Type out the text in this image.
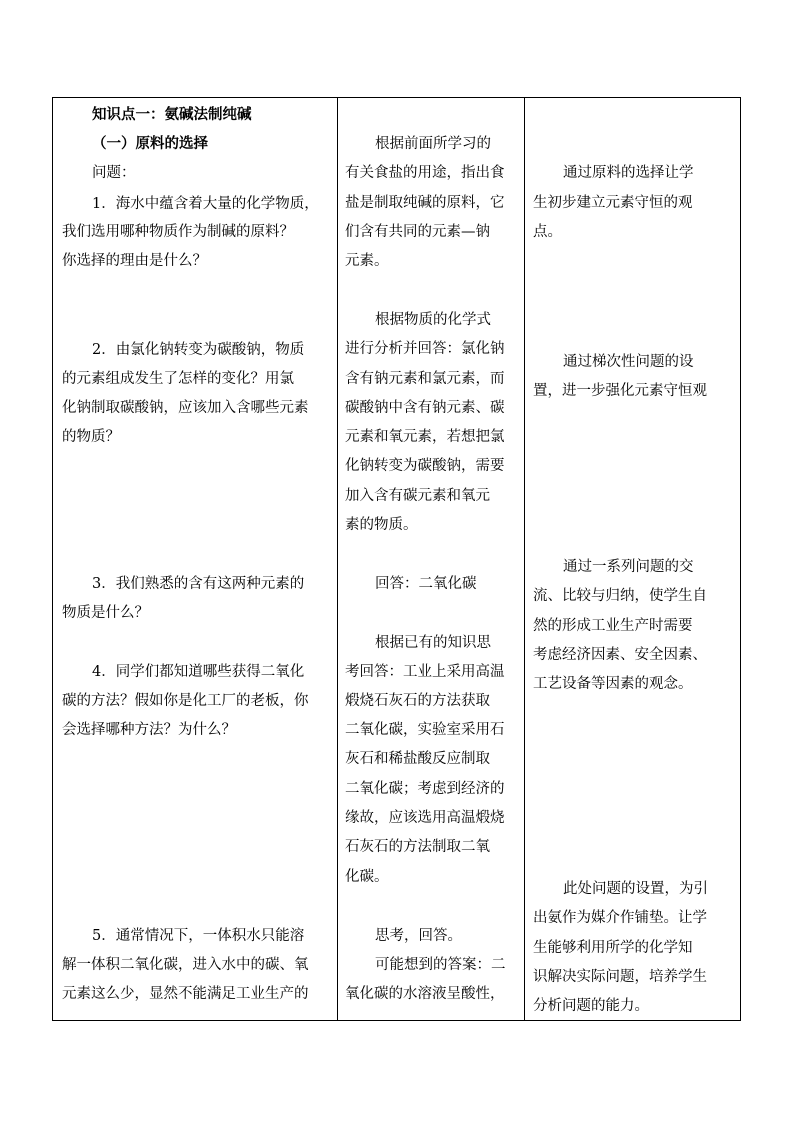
知识点一：氨碱法制纯碱
（一）原料的选择
问题：
1．海水中蕴含着大量的化学物质，
我们选用哪种物质作为制碱的原料？
你选择的理由是什么？
2．由氯化钠转变为碳酸钠，物质
的元素组成发生了怎样的变化？用氯
化钠制取碳酸钠，应该加入含哪些元素
的物质？
3．我们熟悉的含有这两种元素的
物质是什么？
4．同学们都知道哪些获得二氧化
碳的方法？假如你是化工厂的老板，你
会选择哪种方法？为什么？
5．通常情况下，一体积水只能溶
解一体积二氧化碳，进入水中的碳、氧
元素这么少，显然不能满足工业生产的
根据前面所学习的
有关食盐的用途，指出食
盐是制取纯碱的原料，它
们含有共同的元素—钠
元素。
根据物质的化学式
进行分析并回答：氯化钠
含有钠元素和氯元素，而
碳酸钠中含有钠元素、碳
元素和氧元素，若想把氯
化钠转变为碳酸钠，需要
加入含有碳元素和氧元
素的物质。
回答：二氧化碳
根据已有的知识思
考回答：工业上采用高温
煅烧石灰石的方法获取
二氧化碳，实验室采用石
灰石和稀盐酸反应制取
二氧化碳；考虑到经济的
缘故，应该选用高温煅烧
石灰石的方法制取二氧
化碳。
思考，回答。
可能想到的答案：二
氧化碳的水溶液呈酸性，
通过原料的选择让学
生初步建立元素守恒的观
点。
通过梯次性问题的设
置，进一步强化元素守恒观
通过一系列问题的交
流、比较与归纳，使学生自
然的形成工业生产时需要
考虑经济因素、安全因素、
工艺设备等因素的观念。
此处问题的设置，为引
出氨作为媒介作铺垫。让学
生能够利用所学的化学知
识解决实际问题，培养学生
分析问题的能力。
